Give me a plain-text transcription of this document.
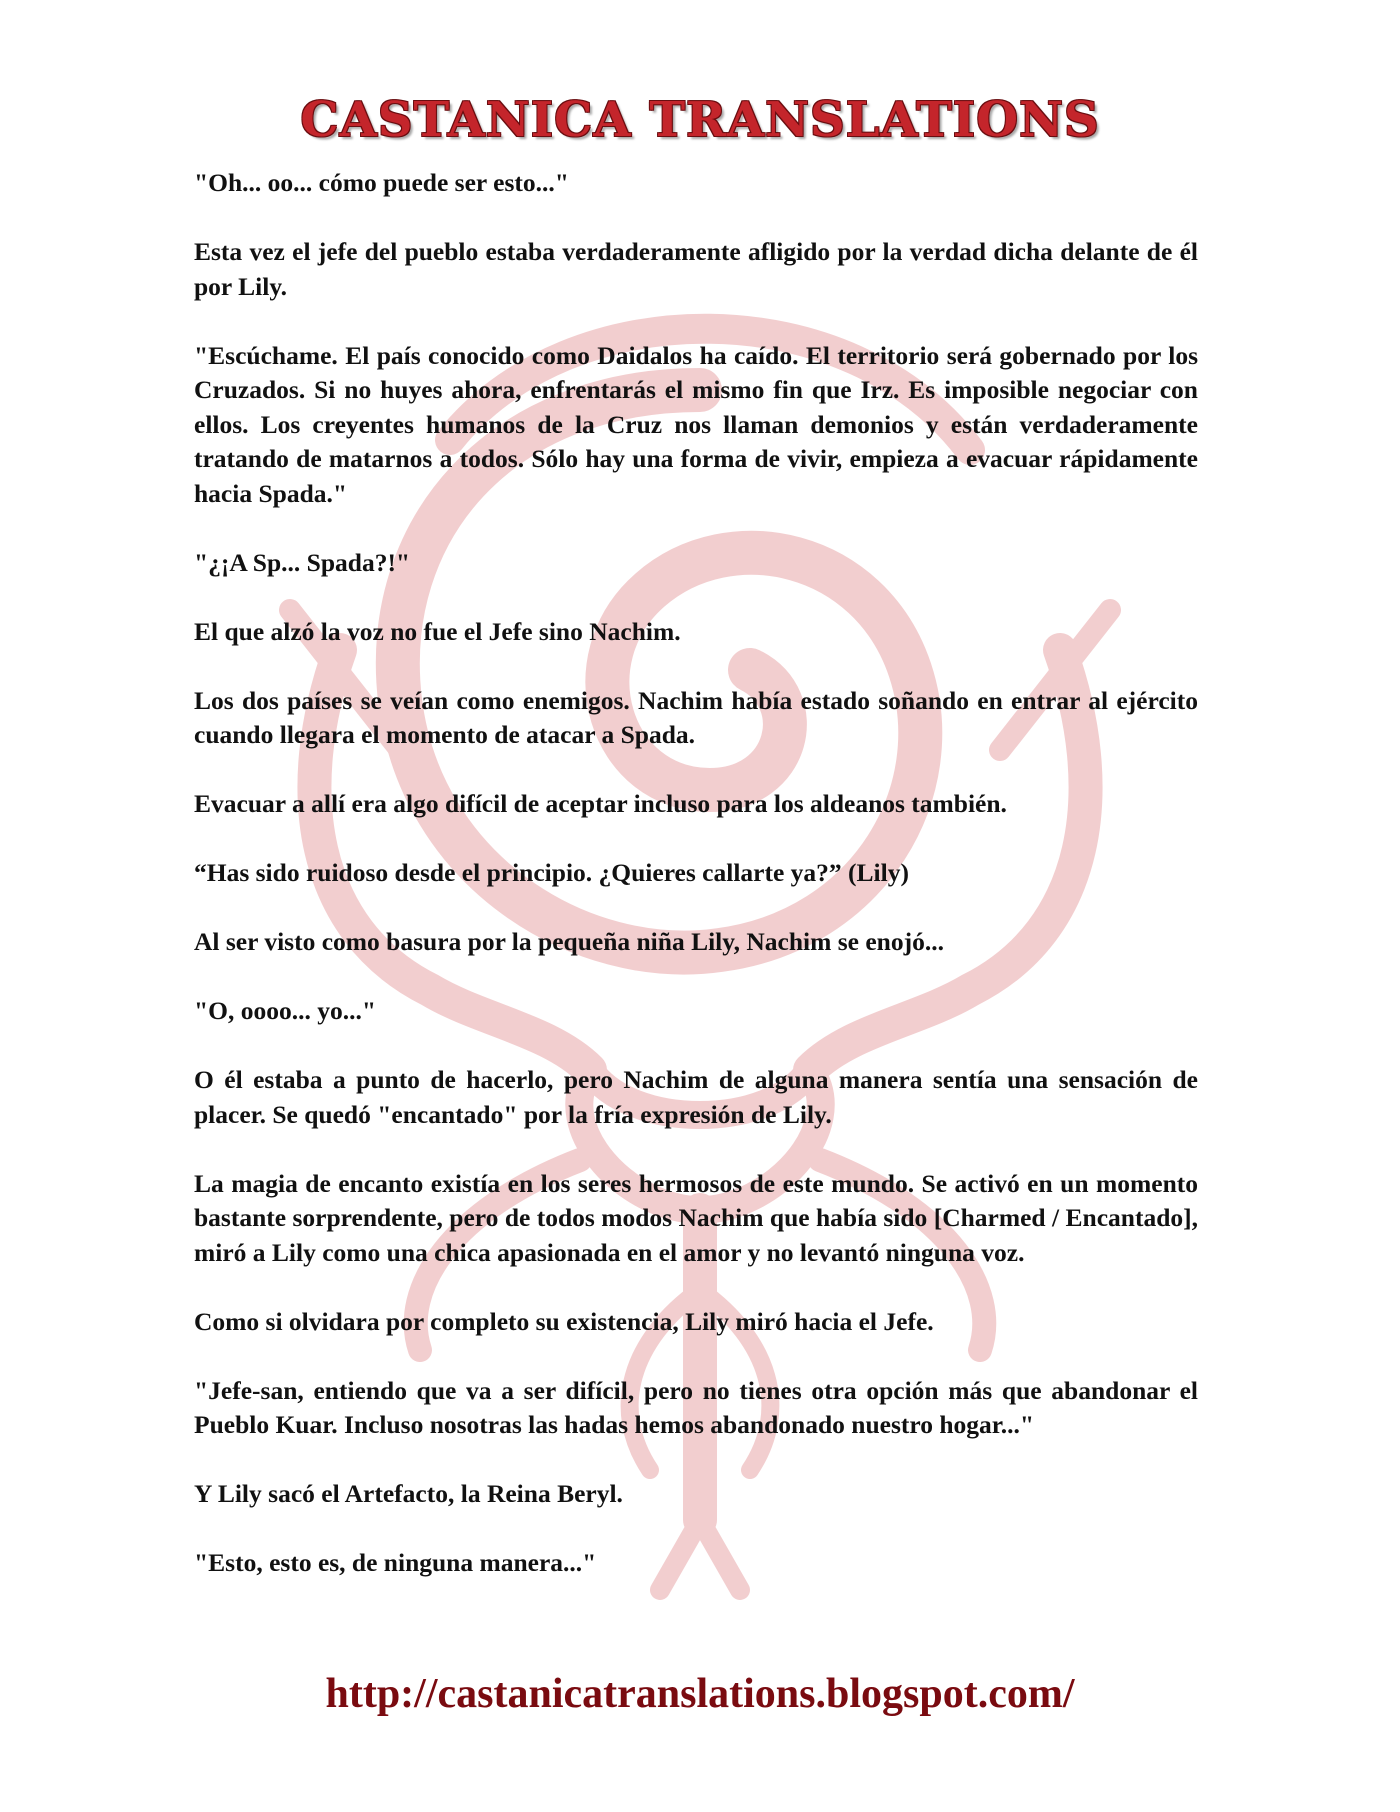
CASTANICA TRANSLATIONS

"Oh... oo... cómo puede ser esto..."

Esta vez el jefe del pueblo estaba verdaderamente afligido por la verdad dicha delante de él por Lily.

"Escúchame. El país conocido como Daidalos ha caído. El territorio será gobernado por los Cruzados. Si no huyes ahora, enfrentarás el mismo fin que Irz. Es imposible negociar con ellos. Los creyentes humanos de la Cruz nos llaman demonios y están verdaderamente tratando de matarnos a todos. Sólo hay una forma de vivir, empieza a evacuar rápidamente hacia Spada."

"¿¡A Sp... Spada?!"

El que alzó la voz no fue el Jefe sino Nachim.

Los dos países se veían como enemigos. Nachim había estado soñando en entrar al ejército cuando llegara el momento de atacar a Spada.

Evacuar a allí era algo difícil de aceptar incluso para los aldeanos también.

“Has sido ruidoso desde el principio. ¿Quieres callarte ya?” (Lily)

Al ser visto como basura por la pequeña niña Lily, Nachim se enojó...

"O, oooo... yo..."

O él estaba a punto de hacerlo, pero Nachim de alguna manera sentía una sensación de placer. Se quedó "encantado" por la fría expresión de Lily.

La magia de encanto existía en los seres hermosos de este mundo. Se activó en un momento bastante sorprendente, pero de todos modos Nachim que había sido [Charmed / Encantado], miró a Lily como una chica apasionada en el amor y no levantó ninguna voz.

Como si olvidara por completo su existencia, Lily miró hacia el Jefe.

"Jefe-san, entiendo que va a ser difícil, pero no tienes otra opción más que abandonar el Pueblo Kuar. Incluso nosotras las hadas hemos abandonado nuestro hogar..."

Y Lily sacó el Artefacto, la Reina Beryl.

"Esto, esto es, de ninguna manera..."

http://castanicatranslations.blogspot.com/
